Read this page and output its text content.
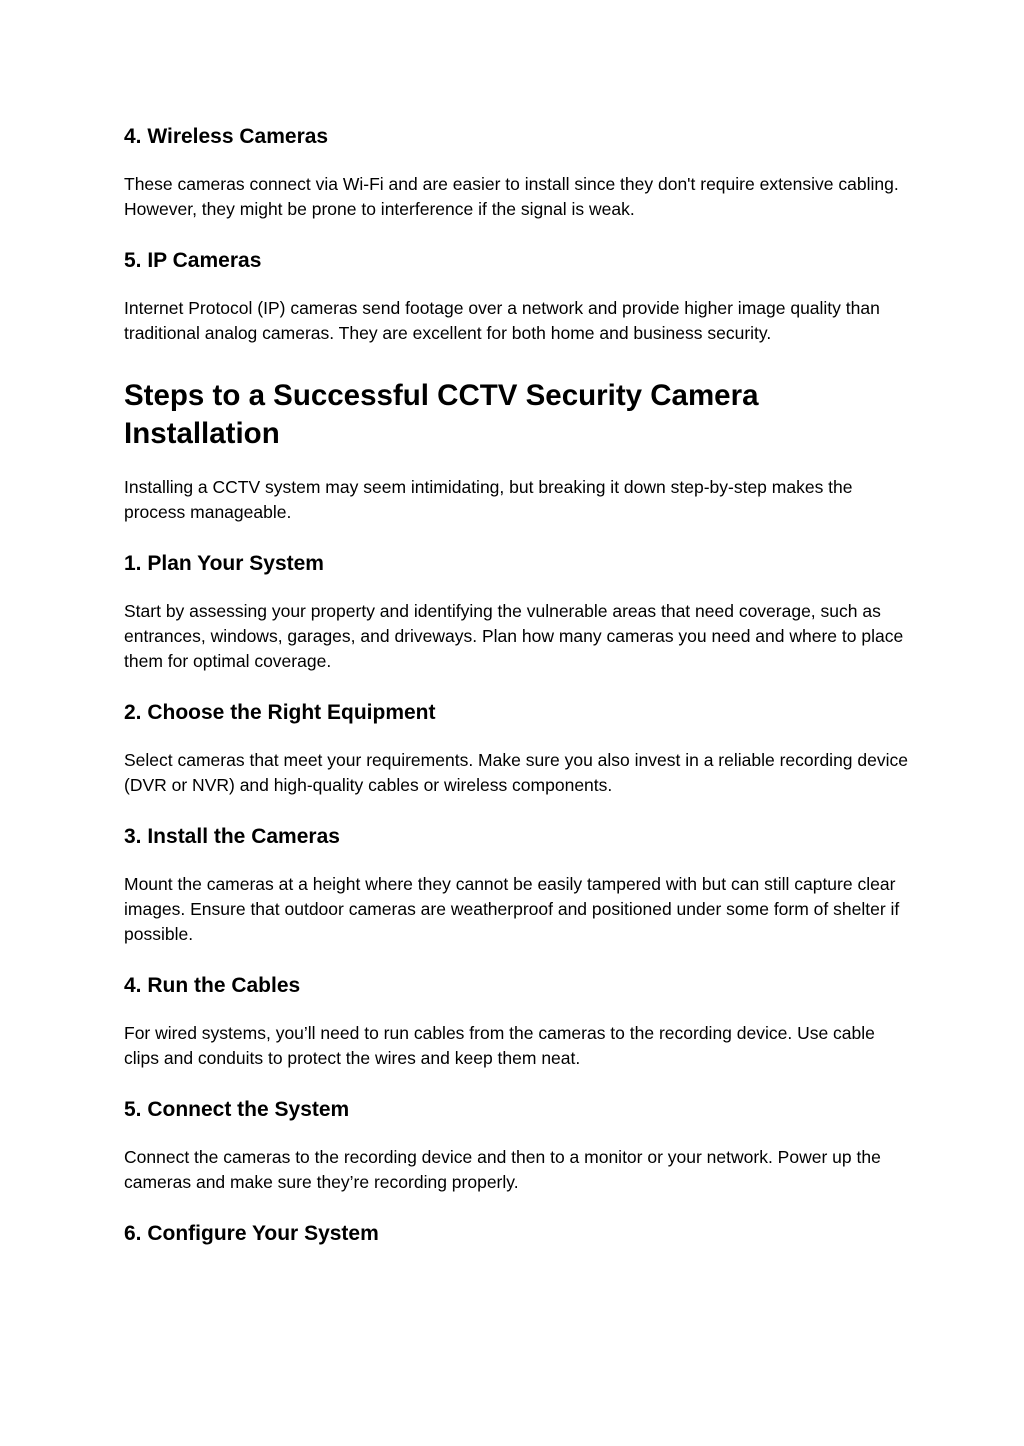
4. Wireless Cameras

These cameras connect via Wi-Fi and are easier to install since they don't require extensive cabling. However, they might be prone to interference if the signal is weak.

5. IP Cameras

Internet Protocol (IP) cameras send footage over a network and provide higher image quality than traditional analog cameras. They are excellent for both home and business security.

Steps to a Successful CCTV Security Camera Installation

Installing a CCTV system may seem intimidating, but breaking it down step-by-step makes the process manageable.

1. Plan Your System

Start by assessing your property and identifying the vulnerable areas that need coverage, such as entrances, windows, garages, and driveways. Plan how many cameras you need and where to place them for optimal coverage.

2. Choose the Right Equipment

Select cameras that meet your requirements. Make sure you also invest in a reliable recording device (DVR or NVR) and high-quality cables or wireless components.

3. Install the Cameras

Mount the cameras at a height where they cannot be easily tampered with but can still capture clear images. Ensure that outdoor cameras are weatherproof and positioned under some form of shelter if possible.

4. Run the Cables

For wired systems, you’ll need to run cables from the cameras to the recording device. Use cable clips and conduits to protect the wires and keep them neat.

5. Connect the System

Connect the cameras to the recording device and then to a monitor or your network. Power up the cameras and make sure they’re recording properly.

6. Configure Your System
